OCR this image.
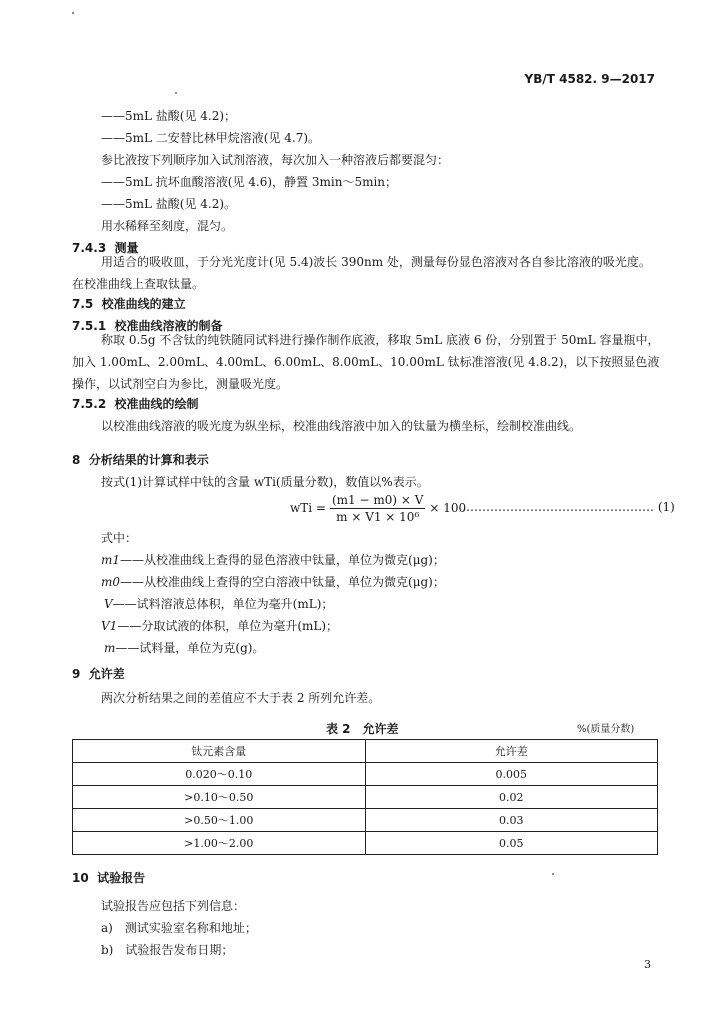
YB/T 4582. 9—2017
——5mL 盐酸(见 4.2)；
——5mL 二安替比林甲烷溶液(见 4.7)。
参比液按下列顺序加入试剂溶液，每次加入一种溶液后都要混匀：
——5mL 抗坏血酸溶液(见 4.6)，静置 3min～5min；
——5mL 盐酸(见 4.2)。
用水稀释至刻度，混匀。
7.4.3 测量
用适合的吸收皿，于分光光度计(见 5.4)波长 390nm 处，测量每份显色溶液对各自参比溶液的吸光度。在校准曲线上查取钛量。
7.5 校准曲线的建立
7.5.1 校准曲线溶液的制备
称取 0.5g 不含钛的纯铁随同试料进行操作制作底液，移取 5mL 底液 6 份，分别置于 50mL 容量瓶中，加入 1.00mL、2.00mL、4.00mL、6.00mL、8.00mL、10.00mL 钛标准溶液(见 4.8.2)，以下按照显色液操作，以试剂空白为参比，测量吸光度。
7.5.2 校准曲线的绘制
以校准曲线溶液的吸光度为纵坐标，校准曲线溶液中加入的钛量为横坐标，绘制校准曲线。
8 分析结果的计算和表示
按式(1)计算试样中钛的含量 wTi(质量分数)，数值以%表示。
wTi = $\frac{(m1 - m0) \times V}{\text{m × V1 × 10⁶}} \times 100$
………………………………………… (1)
式中：
m1——从校准曲线上查得的显色溶液中钛量，单位为微克(μg)；
m0——从校准曲线上查得的空白溶液中钛量，单位为微克(μg)；
V——试料溶液总体积，单位为毫升(mL)；
V1——分取试液的体积，单位为毫升(mL)；
m——试料量，单位为克(g)。
9 允许差
两次分析结果之间的差值应不大于表 2 所列允许差。
表 2　允许差	%(质量分数)
钛元素含量	允许差
0.020～0.10	0.005
>0.10～0.50	0.02
>0.50～1.00	0.03
>1.00～2.00	0.05
10 试验报告
试验报告应包括下列信息：
a)　测试实验室名称和地址；
b)　试验报告发布日期；
3
